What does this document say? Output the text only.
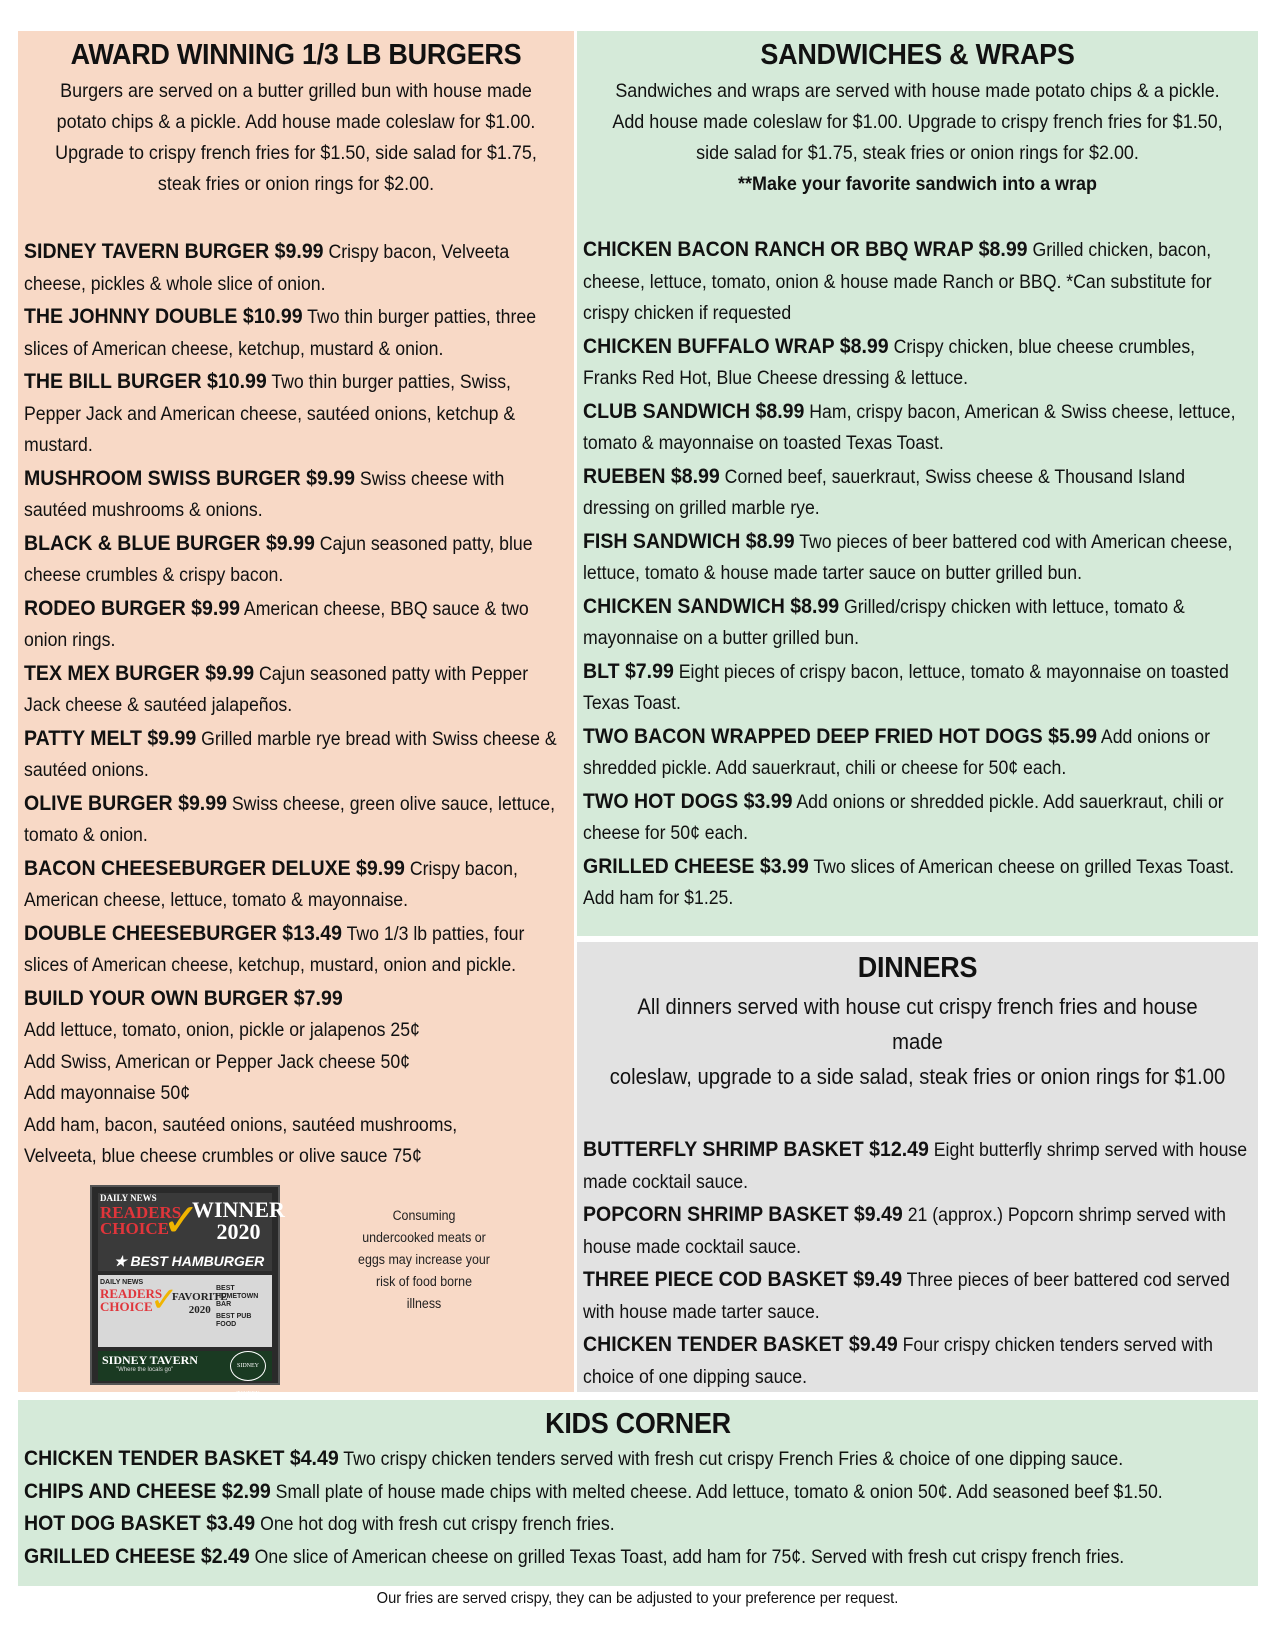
AWARD WINNING 1/3 LB BURGERS
Burgers are served on a butter grilled bun with house made
potato chips & a pickle. Add house made coleslaw for $1.00.
Upgrade to crispy french fries for $1.50, side salad for $1.75,
steak fries or onion rings for $2.00.
SIDNEY TAVERN BURGER $9.99 Crispy bacon, Velveeta cheese, pickles & whole slice of onion.
THE JOHNNY DOUBLE $10.99 Two thin burger patties, three slices of American cheese, ketchup, mustard & onion.
THE BILL BURGER $10.99 Two thin burger patties, Swiss, Pepper Jack and American cheese, sautéed onions, ketchup & mustard.
MUSHROOM SWISS BURGER $9.99 Swiss cheese with sautéed mushrooms & onions.
BLACK & BLUE BURGER $9.99 Cajun seasoned patty, blue cheese crumbles & crispy bacon.
RODEO BURGER $9.99 American cheese, BBQ sauce & two onion rings.
TEX MEX BURGER $9.99 Cajun seasoned patty with Pepper Jack cheese & sautéed jalapeños.
PATTY MELT $9.99 Grilled marble rye bread with Swiss cheese & sautéed onions.
OLIVE BURGER $9.99 Swiss cheese, green olive sauce, lettuce, tomato & onion.
BACON CHEESEBURGER DELUXE $9.99 Crispy bacon, American cheese, lettuce, tomato & mayonnaise.
DOUBLE CHEESEBURGER $13.49 Two 1/3 lb patties, four slices of American cheese, ketchup, mustard, onion and pickle.
BUILD YOUR OWN BURGER $7.99
Add lettuce, tomato, onion, pickle or jalapenos 25¢
Add Swiss, American or Pepper Jack cheese 50¢
Add mayonnaise 50¢
Add ham, bacon, sautéed onions, sautéed mushrooms,
Velveeta, blue cheese crumbles or olive sauce 75¢
DAILY NEWS
READERS CHOICE
✓
WINNER
2020
★ BEST HAMBURGER
DAILY NEWS
READERS CHOICE
✓
FAVORITE
2020
BEST HOMETOWN BAR
BEST PUB FOOD
SIDNEY TAVERN
"Where the locals go"
SIDNEY TAVERN
Consuming undercooked meats or eggs may increase your risk of food borne illness
SANDWICHES & WRAPS
Sandwiches and wraps are served with house made potato chips & a pickle.
Add house made coleslaw for $1.00. Upgrade to crispy french fries for $1.50,
side salad for $1.75, steak fries or onion rings for $2.00.
**Make your favorite sandwich into a wrap
CHICKEN BACON RANCH OR BBQ WRAP $8.99 Grilled chicken, bacon, cheese, lettuce, tomato, onion & house made Ranch or BBQ. *Can substitute for crispy chicken if requested
CHICKEN BUFFALO WRAP $8.99 Crispy chicken, blue cheese crumbles, Franks Red Hot, Blue Cheese dressing & lettuce.
CLUB SANDWICH $8.99 Ham, crispy bacon, American & Swiss cheese, lettuce, tomato & mayonnaise on toasted Texas Toast.
RUEBEN $8.99 Corned beef, sauerkraut, Swiss cheese & Thousand Island dressing on grilled marble rye.
FISH SANDWICH $8.99 Two pieces of beer battered cod with American cheese, lettuce, tomato & house made tarter sauce on butter grilled bun.
CHICKEN SANDWICH $8.99 Grilled/crispy chicken with lettuce, tomato & mayonnaise on a butter grilled bun.
BLT $7.99 Eight pieces of crispy bacon, lettuce, tomato & mayonnaise on toasted Texas Toast.
TWO BACON WRAPPED DEEP FRIED HOT DOGS $5.99 Add onions or shredded pickle. Add sauerkraut, chili or cheese for 50¢ each.
TWO HOT DOGS $3.99 Add onions or shredded pickle. Add sauerkraut, chili or cheese for 50¢ each.
GRILLED CHEESE $3.99 Two slices of American cheese on grilled Texas Toast. Add ham for $1.25.
DINNERS
All dinners served with house cut crispy french fries and house made
coleslaw, upgrade to a side salad, steak fries or onion rings for $1.00
BUTTERFLY SHRIMP BASKET $12.49 Eight butterfly shrimp served with house made cocktail sauce.
POPCORN SHRIMP BASKET $9.49 21 (approx.) Popcorn shrimp served with house made cocktail sauce.
THREE PIECE COD BASKET $9.49 Three pieces of beer battered cod served with house made tarter sauce.
CHICKEN TENDER BASKET $9.49 Four crispy chicken tenders served with choice of one dipping sauce.
KIDS CORNER
CHICKEN TENDER BASKET $4.49 Two crispy chicken tenders served with fresh cut crispy French Fries & choice of one dipping sauce.
CHIPS AND CHEESE $2.99 Small plate of house made chips with melted cheese. Add lettuce, tomato & onion 50¢. Add seasoned beef $1.50.
HOT DOG BASKET $3.49 One hot dog with fresh cut crispy french fries.
GRILLED CHEESE $2.49 One slice of American cheese on grilled Texas Toast, add ham for 75¢. Served with fresh cut crispy french fries.
Our fries are served crispy, they can be adjusted to your preference per request.
